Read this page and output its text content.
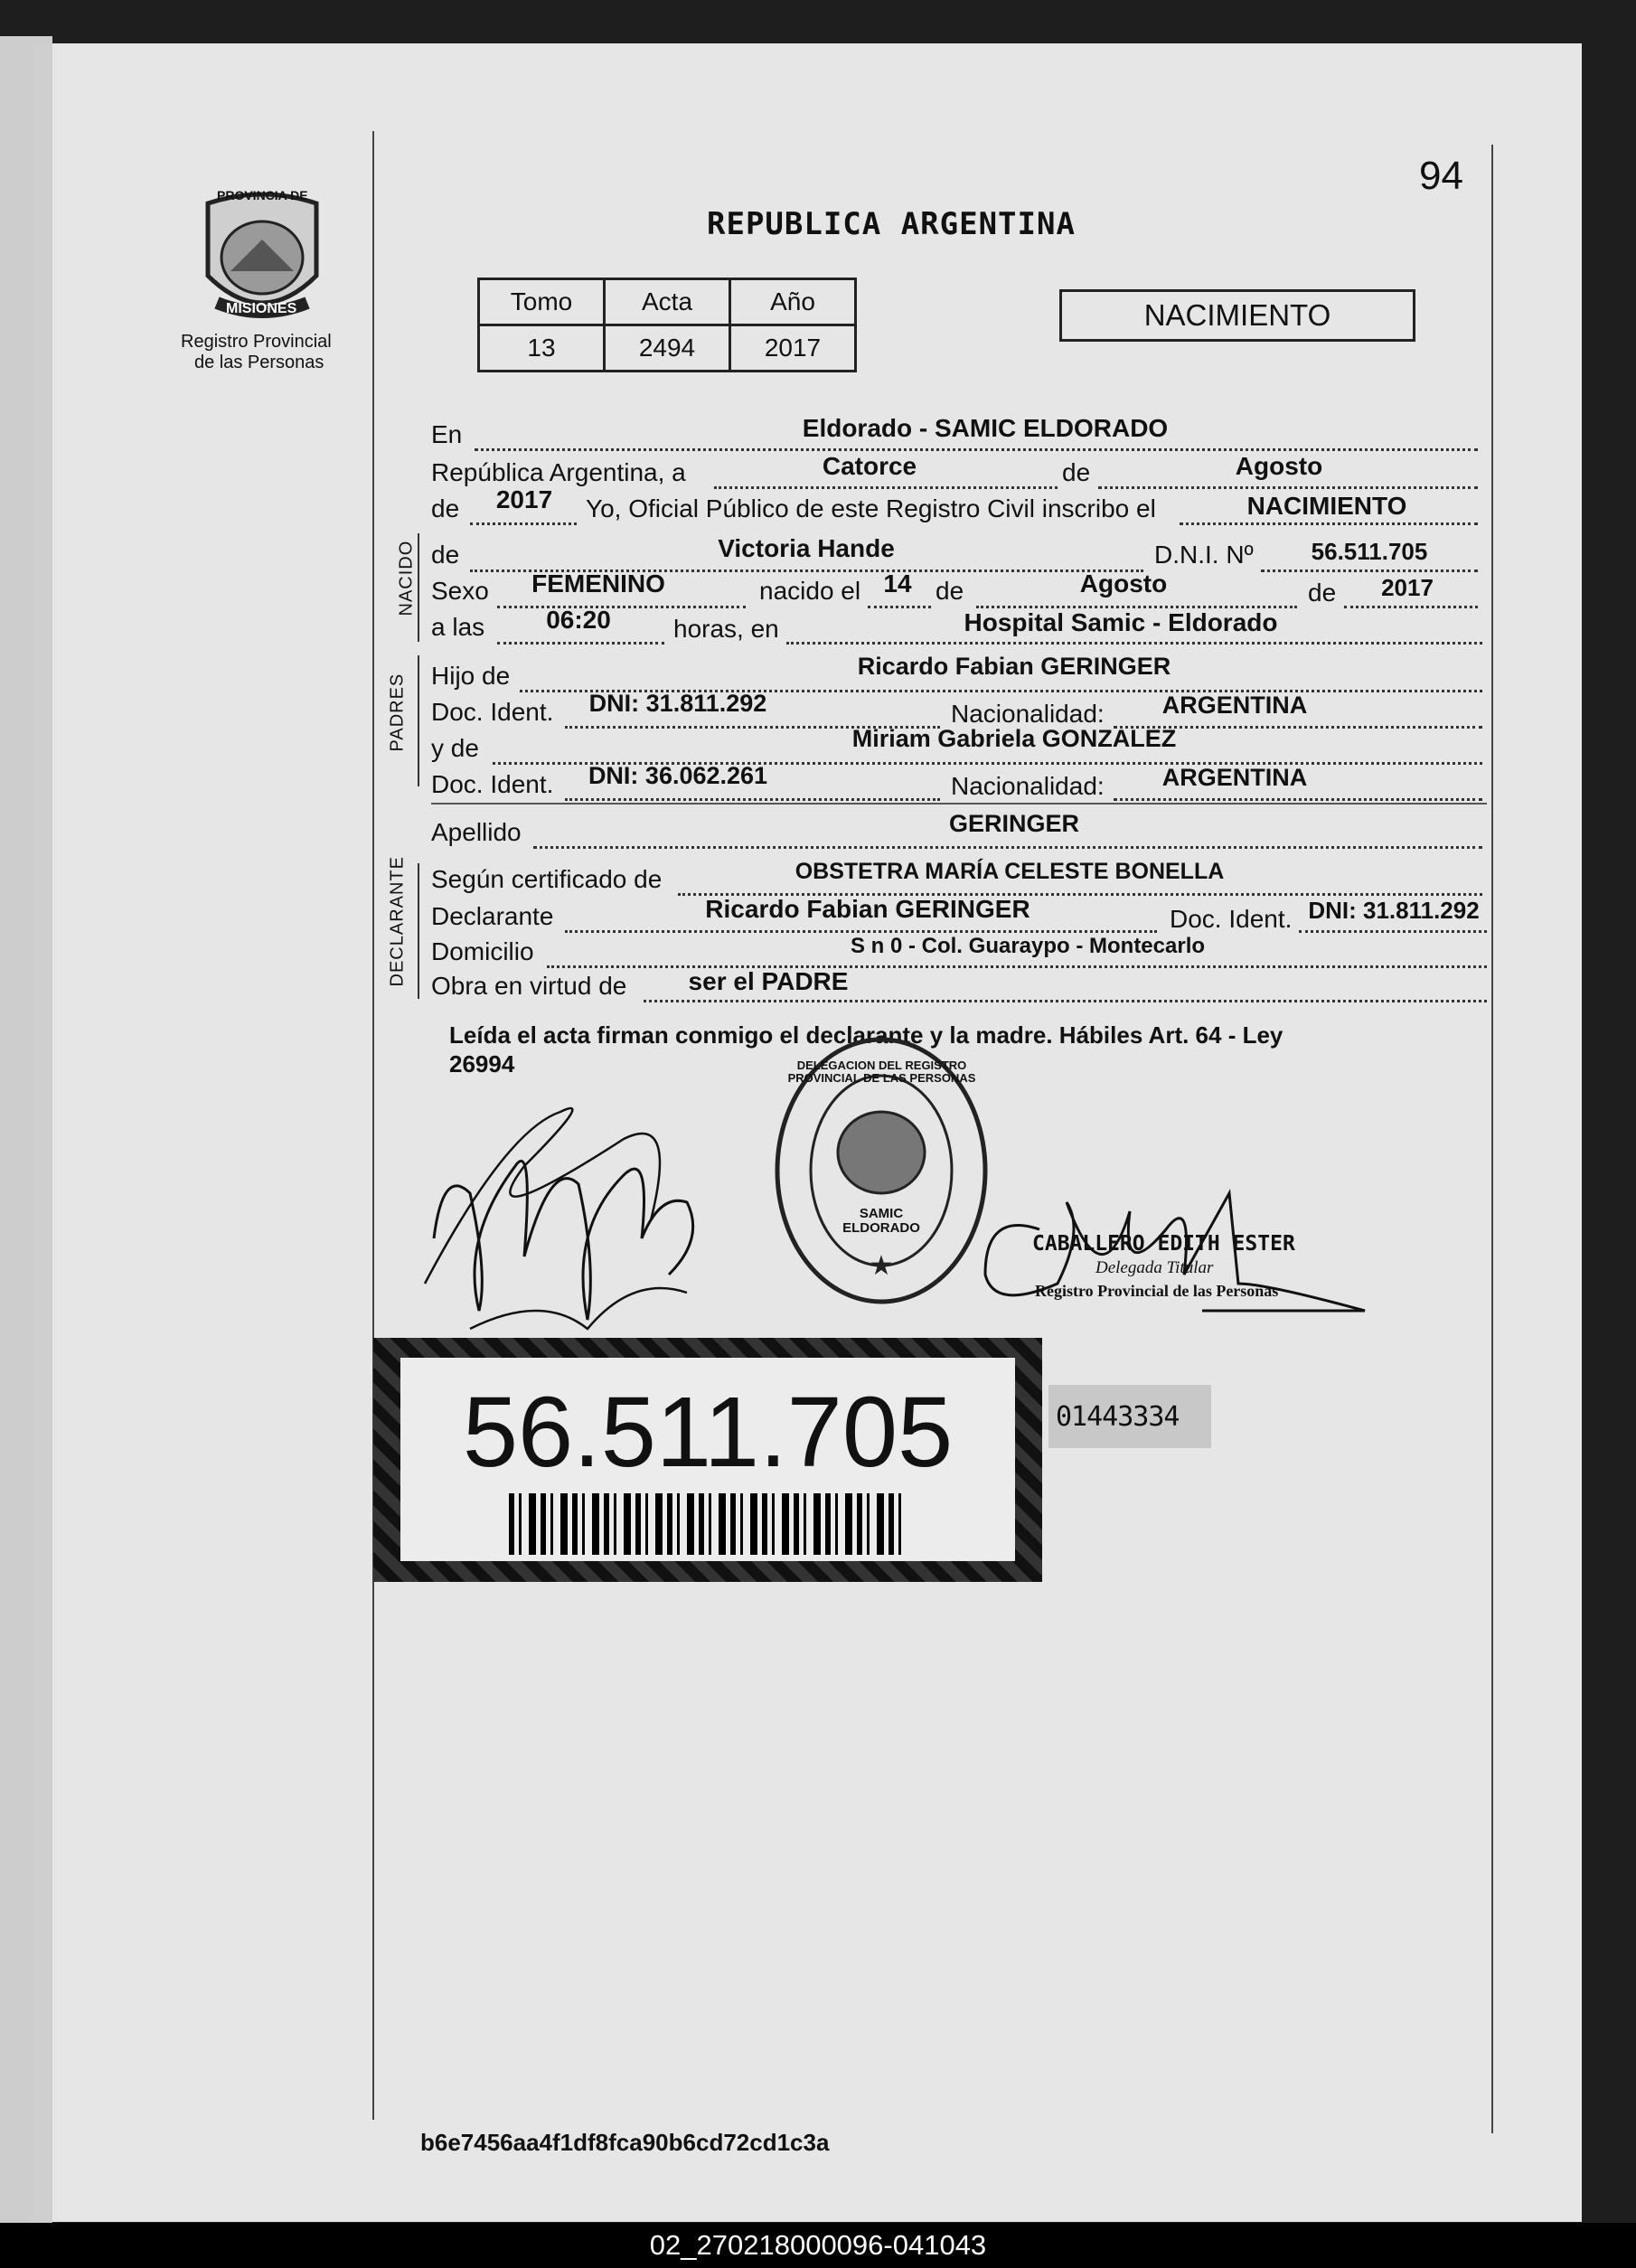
94
PROVINCIA DE
MISIONES
Registro Provincial
de las Personas
REPUBLICA ARGENTINA
Tomo	Acta	Año
13	2494	2017
NACIMIENTO
En	Eldorado - SAMIC ELDORADO
República Argentina, a	Catorce	de	Agosto
de 2017 Yo, Oficial Público de este Registro Civil inscribo el	NACIMIENTO
NACIDO de	Victoria Hande	D.N.I. Nº 56.511.705
Sexo FEMENINO	nacido el 14 de	Agosto	de 2017
a las 06:20 horas, en	Hospital Samic - Eldorado
PADRES Hijo de	Ricardo Fabian GERINGER
Doc. Ident. DNI: 31.811.292	Nacionalidad: ARGENTINA
y de	Miriam Gabriela GONZALEZ
Doc. Ident. DNI: 36.062.261	Nacionalidad: ARGENTINA
Apellido	GERINGER
DECLARANTE Según certificado de	OBSTETRA MARÍA CELESTE BONELLA
Declarante	Ricardo Fabian GERINGER	Doc. Ident. DNI: 31.811.292
Domicilio	S n 0 - Col. Guaraypo - Montecarlo
Obra en virtud de ser el PADRE
Leída el acta firman conmigo el declarante y la madre. Hábiles Art. 64 - Ley
26994
★
DELEGACION DEL REGISTRO PROVINCIAL DE LAS PERSONAS
SAMIC ELDORADO
CABALLERO EDITH ESTER
Delegada Titular
Registro Provincial de las Personas
56.511.705	01443334
b6e7456aa4f1df8fca90b6cd72cd1c3a
02_270218000096-041043
